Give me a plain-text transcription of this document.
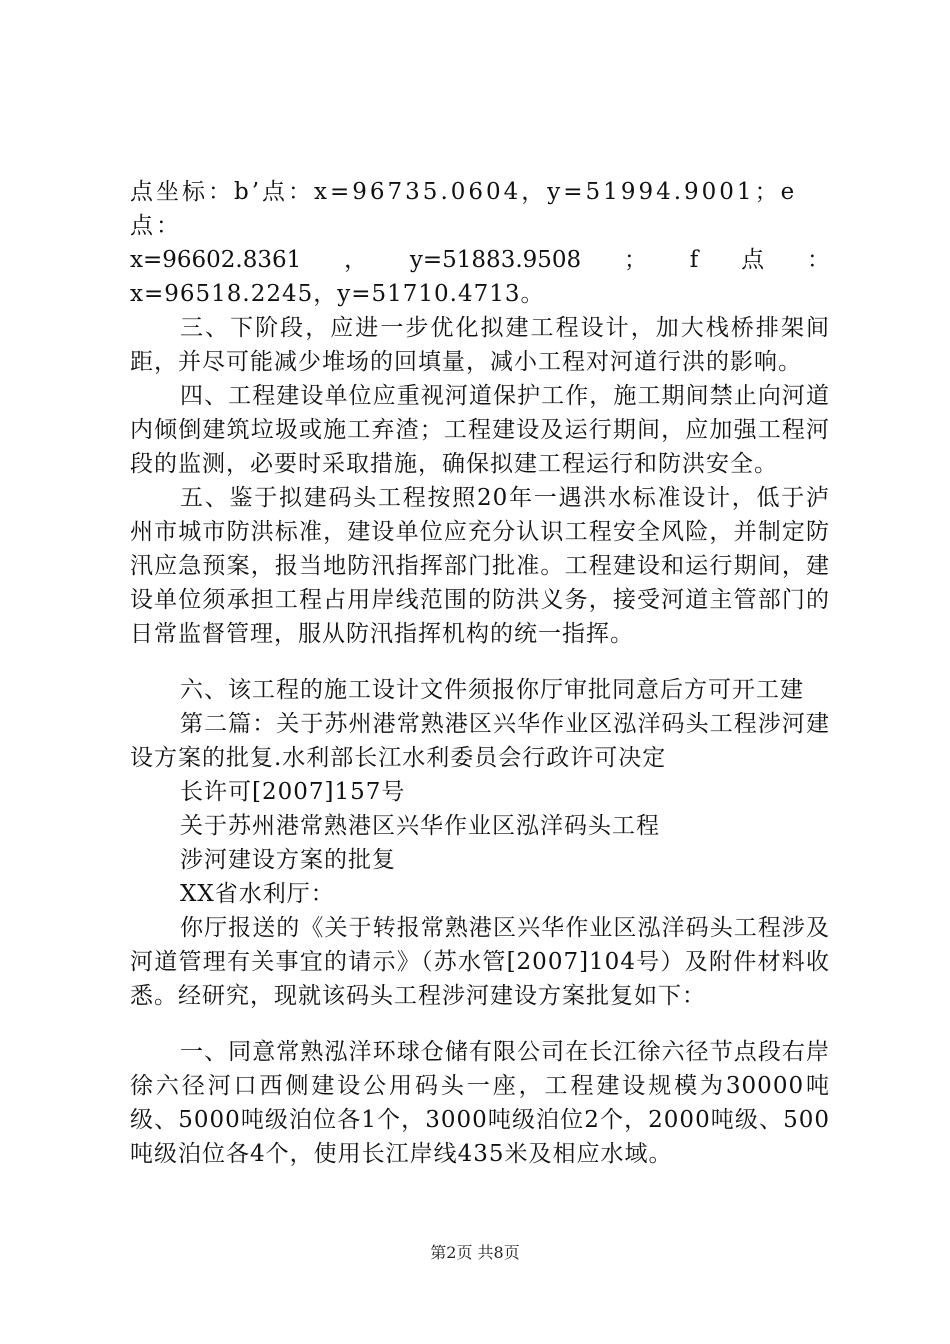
点坐标：b’点：x=96735.0604，y=51994.9001；e点：

x=96602.8361 ， y=51883.9508 ； f 点 ：

x=96518.2245，y=51710.4713。

三、下阶段，应进一步优化拟建工程设计，加大栈桥排架间距，并尽可能减少堆场的回填量，减小工程对河道行洪的影响。

四、工程建设单位应重视河道保护工作，施工期间禁止向河道内倾倒建筑垃圾或施工弃渣；工程建设及运行期间，应加强工程河段的监测，必要时采取措施，确保拟建工程运行和防洪安全。

五、鉴于拟建码头工程按照20年一遇洪水标准设计，低于泸州市城市防洪标准，建设单位应充分认识工程安全风险，并制定防汛应急预案，报当地防汛指挥部门批准。工程建设和运行期间，建设单位须承担工程占用岸线范围的防洪义务，接受河道主管部门的日常监督管理，服从防汛指挥机构的统一指挥。

六、该工程的施工设计文件须报你厅审批同意后方可开工建

第二篇：关于苏州港常熟港区兴华作业区泓洋码头工程涉河建设方案的批复.水利部长江水利委员会行政许可决定

长许可[2007]157号

关于苏州港常熟港区兴华作业区泓洋码头工程

涉河建设方案的批复

XX省水利厅：

你厅报送的《关于转报常熟港区兴华作业区泓洋码头工程涉及河道管理有关事宜的请示》（苏水管[2007]104号）及附件材料收悉。经研究，现就该码头工程涉河建设方案批复如下：

一、同意常熟泓洋环球仓储有限公司在长江徐六径节点段右岸徐六径河口西侧建设公用码头一座，工程建设规模为30000吨级、5000吨级泊位各1个，3000吨级泊位2个，2000吨级、500吨级泊位各4个，使用长江岸线435米及相应水域。

第2页 共8页
